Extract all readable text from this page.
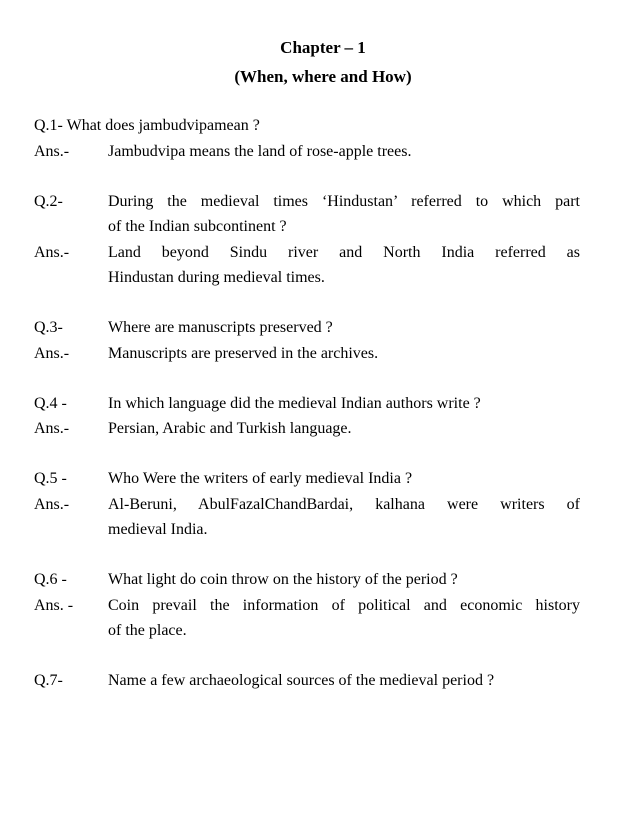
Chapter – 1
(When, where and How)
Q.1- What does jambudvipamean ?
Ans.- Jambudvipa means the land of rose-apple trees.
Q.2-	During the medieval times ‘Hindustan’ referred to which part
of the Indian subcontinent ?
Ans.- Land beyond Sindu river and North India referred as
Hindustan during medieval times.
Q.3-	Where are manuscripts preserved ?
Ans.- Manuscripts are preserved in the archives.
Q.4 -	In which language did the medieval Indian authors write ?
Ans.- Persian, Arabic and Turkish language.
Q.5 -	Who Were the writers of early medieval India ?
Ans.- Al-Beruni, AbulFazalChandBardai, kalhana were writers of
medieval India.
Q.6 -	What light do coin throw on the history of the period ?
Ans. - Coin prevail the information of political and economic history
of the place.
Q.7-	Name a few archaeological sources of the medieval period ?
